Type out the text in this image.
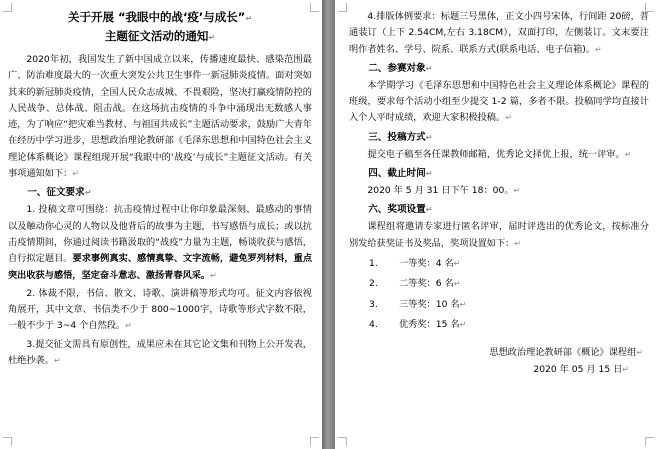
关于开展 “我眼中的战‘疫’与成长”↵
主题征文活动的通知↵

2020年初，我国发生了新中国成立以来，传播速度最快、感染范围最广、防治难度最大的一次重大突发公共卫生事件一新冠肺炎疫情。面对突如其来的新冠肺炎疫情，全国人民众志成城、不畏艰险，坚决打赢疫情防控的人民战争、总体战、阻击战。在这场抗击疫情的斗争中涌现出无数感人事迹，为了响应“把灾难当教材、与祖国共成长”主题活动要求，鼓励广大青年在经历中学习进步，思想政治理论教研部《毛泽东思想和中国特色社会主义理论体系概论》课程组现开展“我眼中的‘战疫’与成长”主题征文活动。有关事项通知如下：↵

一、征文要求↵

1. 投稿文章可围绕：抗击疫情过程中让你印象最深刻、最感动的事情以及触动你心灵的人物以及他背后的故事为主题，书写感悟与成长；或以抗击疫情期间，你通过阅读书籍汲取的“战疫”力量为主题，畅谈收获与感悟，自行拟定题目。要求事例真实、感情真挚、文字流畅，避免罗列材料，重点突出收获与感悟，坚定奋斗意志、激扬青春风采。↵

2. 体裁不限，书信、散文、诗歌、演讲稿等形式均可。征文内容依视角展开，其中文章、书信类不少于 800~1000字，诗歌等形式字数不限，一般不少于 3~4 个自然段。↵

3.提交征文需具有原创性，成果应未在其它论文集和刊物上公开发表，杜绝抄袭。↵

4.排版体例要求：标题三号黑体，正文小四号宋体，行间距 20磅，普通装订（上下 2.54CM,左右 3.18CM），双面打印，左侧装订。文末要注明作者姓名、学号、院系、联系方式(联系电话、电子信箱)。↵

二、参赛对象↵

本学期学习《毛泽东思想和中国特色社会主义理论体系概论》课程的班级，要求每个活动小组至少提交 1-2 篇，多者不限。投稿同学均直接计入个人平时成绩，欢迎大家积极投稿。↵

三、投稿方式↵

提交电子稿至各任课教师邮箱，优秀论文择优上报，统一评审。↵

四、截止时间↵

2020 年 5 月 31 日下午 18：00。↵

六、奖项设置↵

课程组将邀请专家进行匿名评审，届时评选出的优秀论文，按标准分别发给获奖证书及奖品，奖项设置如下：↵

1. 一等奖：4 名↵
2. 二等奖：6 名↵
3. 三等奖：10 名↵
4. 优秀奖：15 名↵
思想政治理论教研部《概论》课程组↵
2020 年 05 月 15 日↵
